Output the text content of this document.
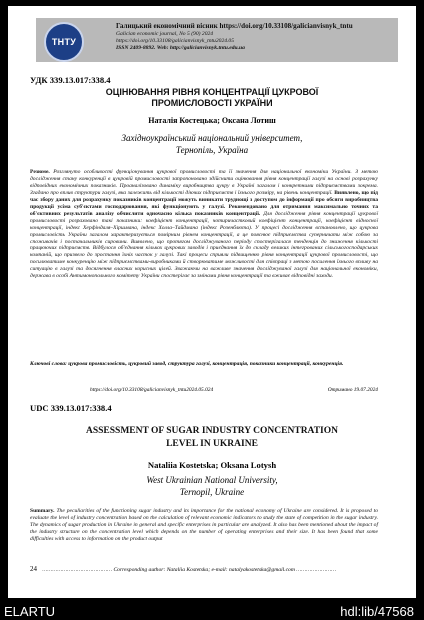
ТНТУ
Галицький економічний вісник https://doi.org/10.33108/galicianvisnyk_tntu
Galician economic journal, No 5 (90) 2024
https://doi.org/10.33108/galicianvisnyk_tntu2024.05
ISSN 2409-8892. Web: http://galicianvisnyk.tntu.edu.ua
УДК 339.13.017:338.4
ОЦІНЮВАННЯ РІВНЯ КОНЦЕНТРАЦІЇ ЦУКРОВОЇ
ПРОМИСЛОВОСТІ УКРАЇНИ
Наталія Костецька; Оксана Лотиш
Західноукраїнський національний університет,
Тернопіль, Україна
Резюме. Розглянуто особливості функціонування цукрової промисловості та її значення для національної економіки України. З метою дослідження стану конкуренції в цукровій промисловості запропоновано здійснити оцінювання рівня концентрації галузі на основі розрахунку відповідних економічних показників. Проаналізовано динаміку виробництва цукру в Україні загалом і конкретними підприємствами зокрема. Згадано про вплив структури галузі, яка залежить від кількості діючих підприємств і їхнього розміру, на рівень концентрації. Виявлено, що під час збору даних для розрахунку показників концентрації можуть виникати труднощі з доступом до інформації про обсяги виробництва продукції усіма суб'єктами господарювання, які функціонують у галузі. Рекомендовано для отримання максимально точних та об'єктивних результатів аналізу обчислити одночасно кілька показників концентрації. Для дослідження рівня концентрації цукрової промисловості розраховано такі показники: коефіцієнт концентрації, чотиричастковий коефіцієнт концентрації, коефіцієнт відносної концентрації, індекс Херфіндаля–Хіршмана, індекс Холла–Тайдмана (індекс Розенблюта). У процесі дослідження встановлено, що цукрова промисловість України загалом характеризується помірним рівнем концентрації, а це пояснює підприємства суперничати між собою за споживачів і постачальників сировини. Виявлено, що протягом досліджуваного періоду спостерігалася тенденція до зниження кількості працюючих підприємств. Відбулося об'єднання кількох цукрових заводів і приєднання їх до складу великих інтегрованих сільськогосподарських компаній, що призвело до зростання їхніх часток у галузі. Такі процеси сприяли підвищенню рівня концентрації цукрової промисловості, що посилюватиме конкуренцію між підприємствами-виробниками й створюватиме можливості для співпраці з метою посилення їхнього впливу на ситуацію в галузі та досягнення власних корисних цілей. Зважаючи на важливе значення досліджуваної галузі для національної економіки, держава в особі Антимонопольного комітету України спостерігає за змінами рівня концентрації та вживає відповідні заходи.
Ключові слова: цукрова промисловість, цукровий завод, структура галузі, концентрація, показники концентрації, конкуренція.
https://doi.org/10.33108/galicianvisnyk_tntu2024.05.024	Отримано 19.07.2024
UDC 339.13.017:338.4
ASSESSMENT OF SUGAR INDUSTRY CONCENTRATION
LEVEL IN UKRAINE
Nataliia Kostetska; Oksana Lotysh
West Ukrainian National University,
Ternopil, Ukraine
Summary. The peculiarities of the functioning sugar industry and its importance for the national economy of Ukraine are considered. It is proposed to evaluate the level of industry concentration based on the calculation of relevant economic indicators to study the state of competition in the sugar industry. The dynamics of sugar production in Ukraine in general and specific enterprises in particular are analyzed. It also has been mentioned about the impact of the industry structure on the concentration level which depends on the number of operating enterprises and their size. It has been found that some difficulties with access to information on the product output
24 …………………………………… Corresponding author: Nataliia Kostetska; e-mail: natalyakostetska@gmail.com ……………………
ELARTU	hdl:lib/47568
